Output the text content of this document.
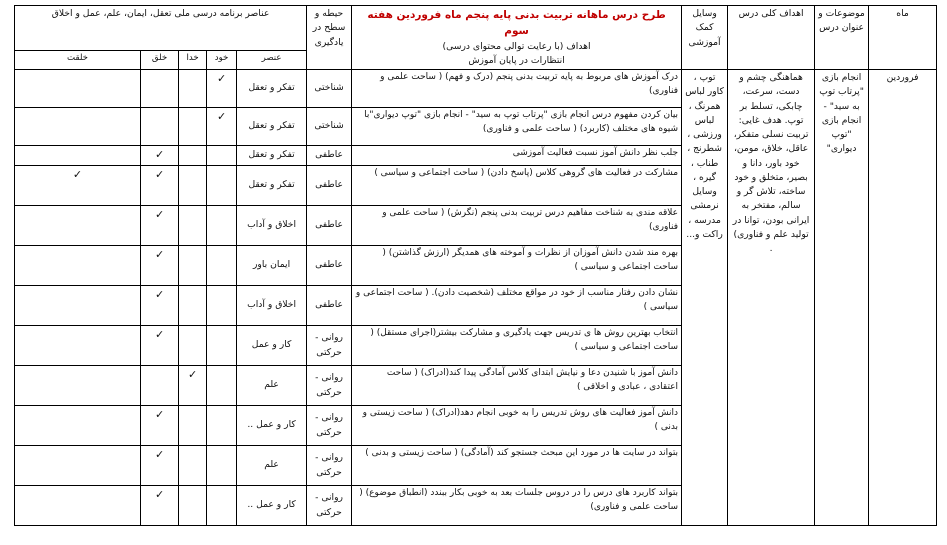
ماه	موضوعات و عنوان درس	اهداف کلی درس	وسایل کمک آموزشی	طرح درس ماهانه تربیت بدنی پایه پنجم ماه فروردین هفته سوم
اهداف (با رعایت توالی محتوای درسی)
انتظارات در پایان آموزش	حیطه و سطح در یادگیری	عناصر برنامه درسی ملی تعقل، ایمان، علم، عمل و اخلاق	
						عنصر	خود	خدا	خلق	خلقت	
فروردین	انجام بازی "پرتاب توپ به سید" - انجام بازی "توپ دیواری"	هماهنگی چشم و دست، سرعت، چابکی، تسلط بر توپ. هدف غایی: تربیت نسلی متفکر، عاقل، خلاق، مومن، خود باور، دانا و بصیر، متخلق و خود ساخته، تلاش گر و سالم، مفتخر به ایرانی بودن، توانا در تولید علم و فناوری) .	توپ ، کاور لباس همرنگ ، لباس ورزشی ، شطرنج ، طناب ، گیره ، وسایل نرمشی مدرسه ، راکت و...	درک آموزش های مربوط به پایه تربیت بدنی پنجم (درک و فهم) ( ساحت علمی و فناوری)	شناختی	تفکر و تعقل	✓				
				بیان کردن مفهوم درس انجام بازی "پرتاب توپ به سید" - انجام بازی "توپ دیواری"با شیوه های مختلف (کاربرد) ( ساحت علمی و فناوری)	شناختی	تفکر و تعقل	✓				
				جلب نظر دانش آموز نسبت فعالیت آموزشی	عاطفی	تفکر و تعقل			✓		
				مشارکت در فعالیت های گروهی کلاس (پاسخ دادن) ( ساحت اجتماعی و سیاسی )	عاطفی	تفکر و تعقل			✓	✓	
				علاقه مندی به شناخت مفاهیم درس تربیت بدنی پنجم (نگرش) ( ساحت علمی و فناوری)	عاطفی	اخلاق و آداب			✓		
				بهره مند شدن دانش آموزان از نظرات و آموخته های همدیگر (ارزش گذاشتن) ( ساحت اجتماعی و سیاسی )	عاطفی	ایمان باور			✓		
				نشان دادن رفتار مناسب از خود در مواقع مختلف (شخصیت دادن). ( ساحت اجتماعی و سیاسی )	عاطفی	اخلاق و آداب			✓		
				انتخاب بهترین روش ها ی تدریس جهت یادگیری و مشارکت بیشتر(اجرای مستقل) ( ساحت اجتماعی و سیاسی )	روانی - حرکتی	کار و عمل			✓		
				دانش آموز با شنیدن دعا و نیایش ابتدای کلاس آمادگی پیدا کند(ادراک) ( ساحت اعتقادی ، عبادی و اخلاقی )	روانی - حرکتی	علم		✓			
				دانش آموز فعالیت های روش تدریس را به خوبی انجام دهد(ادراک) ( ساحت زیستی و بدنی )	روانی - حرکتی	کار و عمل ..			✓		
				بتواند در سایت ها در مورد این مبحث جستجو کند (آمادگی) ( ساحت زیستی و بدنی )	روانی - حرکتی	علم			✓		
				بتواند کاربرد های درس را در دروس جلسات بعد به خوبی بکار ببندد (انطباق موضوع) ( ساحت علمی و فناوری)	روانی - حرکتی	کار و عمل ..			✓		
